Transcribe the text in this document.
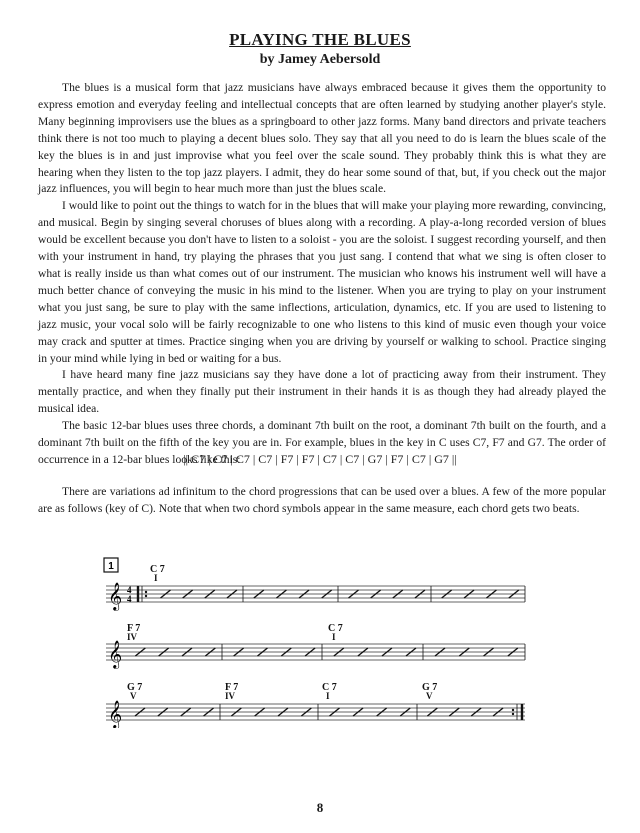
PLAYING THE BLUES
by Jamey Aebersold

The blues is a musical form that jazz musicians have always embraced because it gives them the opportunity to express emotion and everyday feeling and intellectual concepts that are often learned by studying another player's style. Many beginning improvisers use the blues as a springboard to other jazz forms. Many band directors and private teachers think there is not too much to playing a decent blues solo. They say that all you need to do is learn the blues scale of the key the blues is in and just improvise what you feel over the scale sound. They probably think this is what they are hearing when they listen to the top jazz players. I admit, they do hear some sound of that, but, if you check out the major jazz influences, you will begin to hear much more than just the blues scale.

I would like to point out the things to watch for in the blues that will make your playing more rewarding, convincing, and musical. Begin by singing several choruses of blues along with a recording. A play-a-long recorded version of blues would be excellent because you don't have to listen to a soloist - you are the soloist. I suggest recording yourself, and then with your instrument in hand, try playing the phrases that you just sang. I contend that what we sing is often closer to what is really inside us than what comes out of our instrument. The musician who knows his instrument well will have a much better chance of conveying the music in his mind to the listener. When you are trying to play on your instrument what you just sang, be sure to play with the same inflections, articulation, dynamics, etc. If you are used to listening to jazz music, your vocal solo will be fairly recognizable to one who listens to this kind of music even though your voice may crack and sputter at times. Practice singing when you are driving by yourself or walking to school. Practice singing in your mind while lying in bed or waiting for a bus.

I have heard many fine jazz musicians say they have done a lot of practicing away from their instrument. They mentally practice, and when they finally put their instrument in their hands it is as though they had already played the musical idea.

The basic 12-bar blues uses three chords, a dominant 7th built on the root, a dominant 7th built on the fourth, and a dominant 7th built on the fifth of the key you are in. For example, blues in the key in C uses C7, F7 and G7. The order of occurrence in a 12-bar blues looks like this:

|| C7 | C7 | C7 | C7 | F7 | F7 | C7 | C7 | G7 | F7 | C7 | G7 ||

There are variations ad infinitum to the chord progressions that can be used over a blues. A few of the more popular are as follows (key of C). Note that when two chord symbols appear in the same measure, each chord gets two beats.

1
𝄞 4
4
C 7
I
𝄞
F 7
IV
C 7
I
𝄞
G 7
V
F 7
IV
C 7
I
G 7
V
8
